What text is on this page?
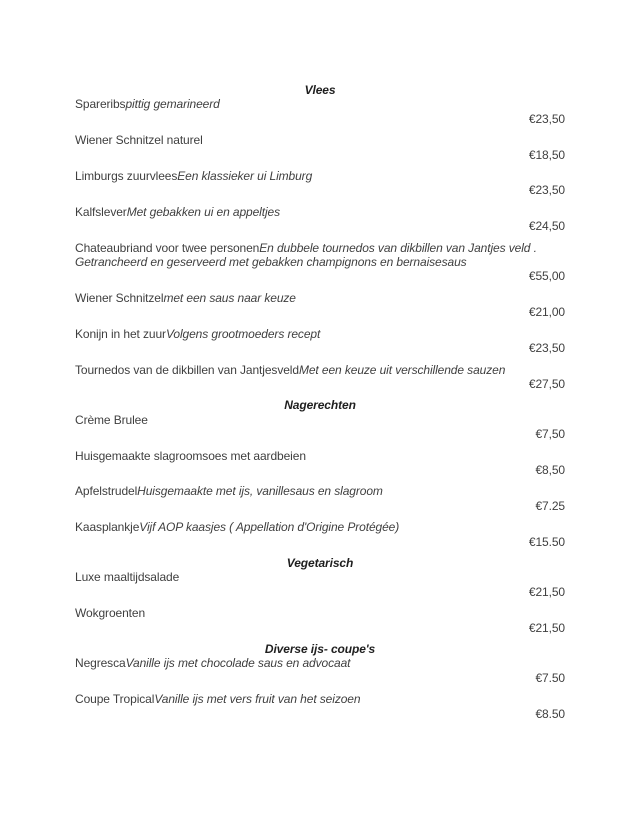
Vlees
Spareribspittig gemarineerd
€23,50
Wiener Schnitzel naturel
€18,50
Limburgs zuurvleesEen klassieker ui Limburg
€23,50
KalfsleverMet gebakken ui en appeltjes
€24,50
Chateaubriand voor twee personenEn dubbele tournedos van dikbillen van Jantjes veld . Getrancheerd en geserveerd met gebakken champignons en bernaisesaus
€55,00
Wiener Schnitzelmet een saus naar keuze
€21,00
Konijn in het zuurVolgens grootmoeders recept
€23,50
Tournedos van de dikbillen van JantjesveldMet een keuze uit verschillende sauzen
€27,50
Nagerechten
Crème Brulee
€7,50
Huisgemaakte slagroomsoes met aardbeien
€8,50
ApfelstrudelHuisgemaakte met ijs, vanillesaus en slagroom
€7.25
KaasplankjeVijf AOP kaasjes ( Appellation d'Origine Protégée)
€15.50
Vegetarisch
Luxe maaltijdsalade
€21,50
Wokgroenten
€21,50
Diverse ijs- coupe's
NegrescaVanille ijs met chocolade saus en advocaat
€7.50
Coupe TropicalVanille ijs met vers fruit van het seizoen
€8.50
